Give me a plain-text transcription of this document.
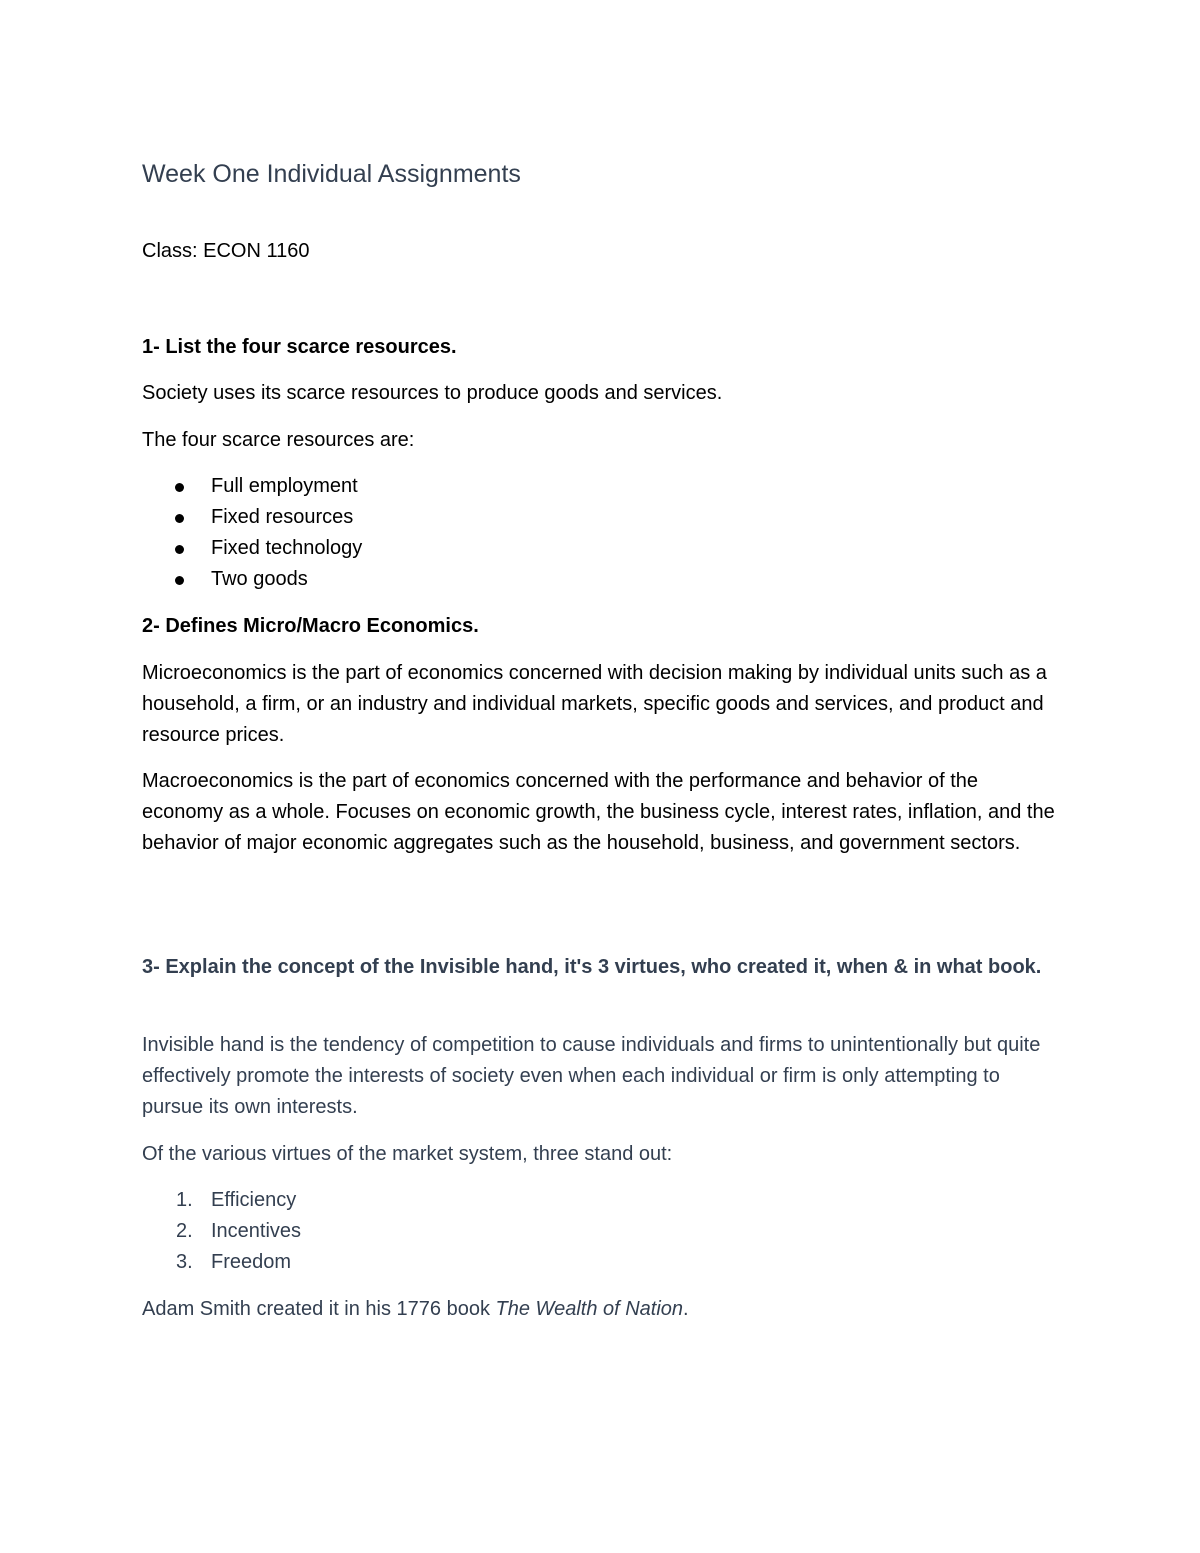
Week One Individual Assignments
Class: ECON 1160

1- List the four scarce resources.

Society uses its scarce resources to produce goods and services.

The four scarce resources are:

Full employment
Fixed resources
Fixed technology
Two goods

2- Defines Micro/Macro Economics.

Microeconomics is the part of economics concerned with decision making by individual units such as a household, a firm, or an industry and individual markets, specific goods and services, and product and resource prices.

Macroeconomics is the part of economics concerned with the performance and behavior of the economy as a whole. Focuses on economic growth, the business cycle, interest rates, inflation, and the behavior of major economic aggregates such as the household, business, and government sectors.

3- Explain the concept of the Invisible hand, it's 3 virtues, who created it, when & in what book.

Invisible hand is the tendency of competition to cause individuals and firms to unintentionally but quite effectively promote the interests of society even when each individual or firm is only attempting to pursue its own interests.

Of the various virtues of the market system, three stand out:

1. Efficiency
2. Incentives
3. Freedom

Adam Smith created it in his 1776 book The Wealth of Nation.
